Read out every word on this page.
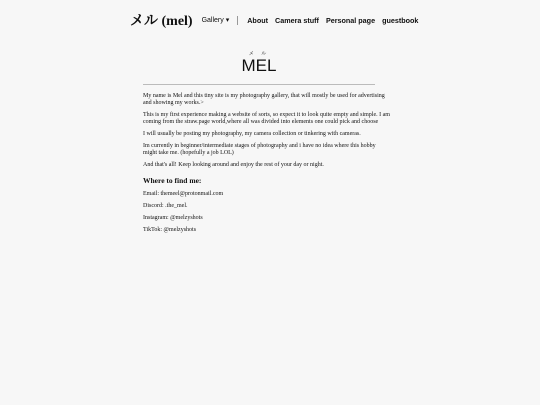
メル (mel) Gallery ▾	About Camera stuff Personal page guestbook
メ ル
MEL

My name is Mel and this tiny site is my photography gallery, that will mostly be used for advertising and showing my works.>

This is my first experience making a website of sorts, so expect it to look quite empty and simple. I am coming from the straw.page world,where all was divided into elements one could pick and choose

I will usually be posting my photography, my camera collection or tinkering with cameras.

Im currently in beginner/intermediate stages of photography and i have no idea where this hobby might take me. (hopefully a job LOL)

And that's all! Keep looking around and enjoy the rest of your day or night.

Where to find me:

Email: themeel@protonmail.com

Discord: .the_mel.

Instagram: @melzyshots

TikTok: @melzyshots
